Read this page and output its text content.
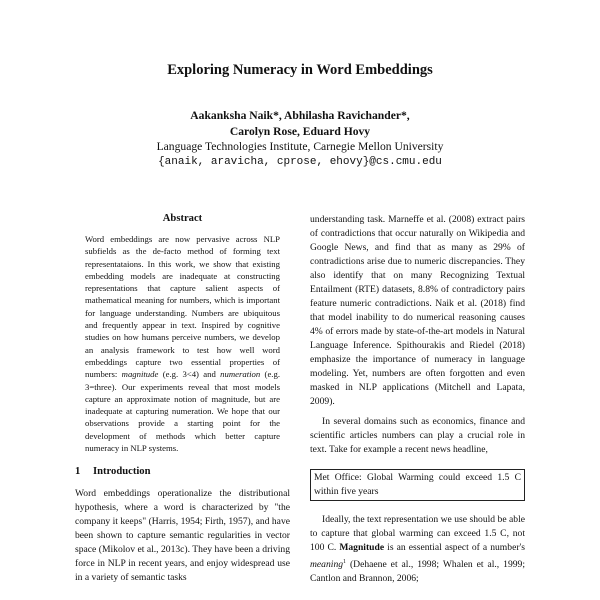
Exploring Numeracy in Word Embeddings
Aakanksha Naik*, Abhilasha Ravichander*,
Carolyn Rose, Eduard Hovy
Language Technologies Institute, Carnegie Mellon University
{anaik, aravicha, cprose, ehovy}@cs.cmu.edu
Abstract

Word embeddings are now pervasive across NLP subfields as the de-facto method of forming text representataions. In this work, we show that existing embedding models are inadequate at constructing representations that capture salient aspects of mathematical meaning for numbers, which is important for language understanding. Numbers are ubiquitous and frequently appear in text. Inspired by cognitive studies on how humans perceive numbers, we develop an analysis framework to test how well word embeddings capture two essential properties of numbers: magnitude (e.g. 3<4) and numeration (e.g. 3=three). Our experiments reveal that most models capture an approximate notion of magnitude, but are inadequate at capturing numeration. We hope that our observations provide a starting point for the development of methods which better capture numeracy in NLP systems.

1 Introduction

Word embeddings operationalize the distributional hypothesis, where a word is characterized by "the company it keeps" (Harris, 1954; Firth, 1957), and have been shown to capture semantic regularities in vector space (Mikolov et al., 2013c). They have been a driving force in NLP in recent years, and enjoy widespread use in a variety of semantic tasks

understanding task. Marneffe et al. (2008) extract pairs of contradictions that occur naturally on Wikipedia and Google News, and find that as many as 29% of contradictions arise due to numeric discrepancies. They also identify that on many Recognizing Textual Entailment (RTE) datasets, 8.8% of contradictory pairs feature numeric contradictions. Naik et al. (2018) find that model inability to do numerical reasoning causes 4% of errors made by state-of-the-art models in Natural Language Inference. Spithourakis and Riedel (2018) emphasize the importance of numeracy in language modeling. Yet, numbers are often forgotten and even masked in NLP applications (Mitchell and Lapata, 2009).

In several domains such as economics, finance and scientific articles numbers can play a crucial role in text. Take for example a recent news headline,

Met Office: Global Warming could exceed 1.5 C within five years

Ideally, the text representation we use should be able to capture that global warming can exceed 1.5 C, not 100 C. Magnitude is an essential aspect of a number's meaning$^1$ (Dehaene et al., 1998; Whalen et al., 1999; Cantlon and Brannon, 2006;
